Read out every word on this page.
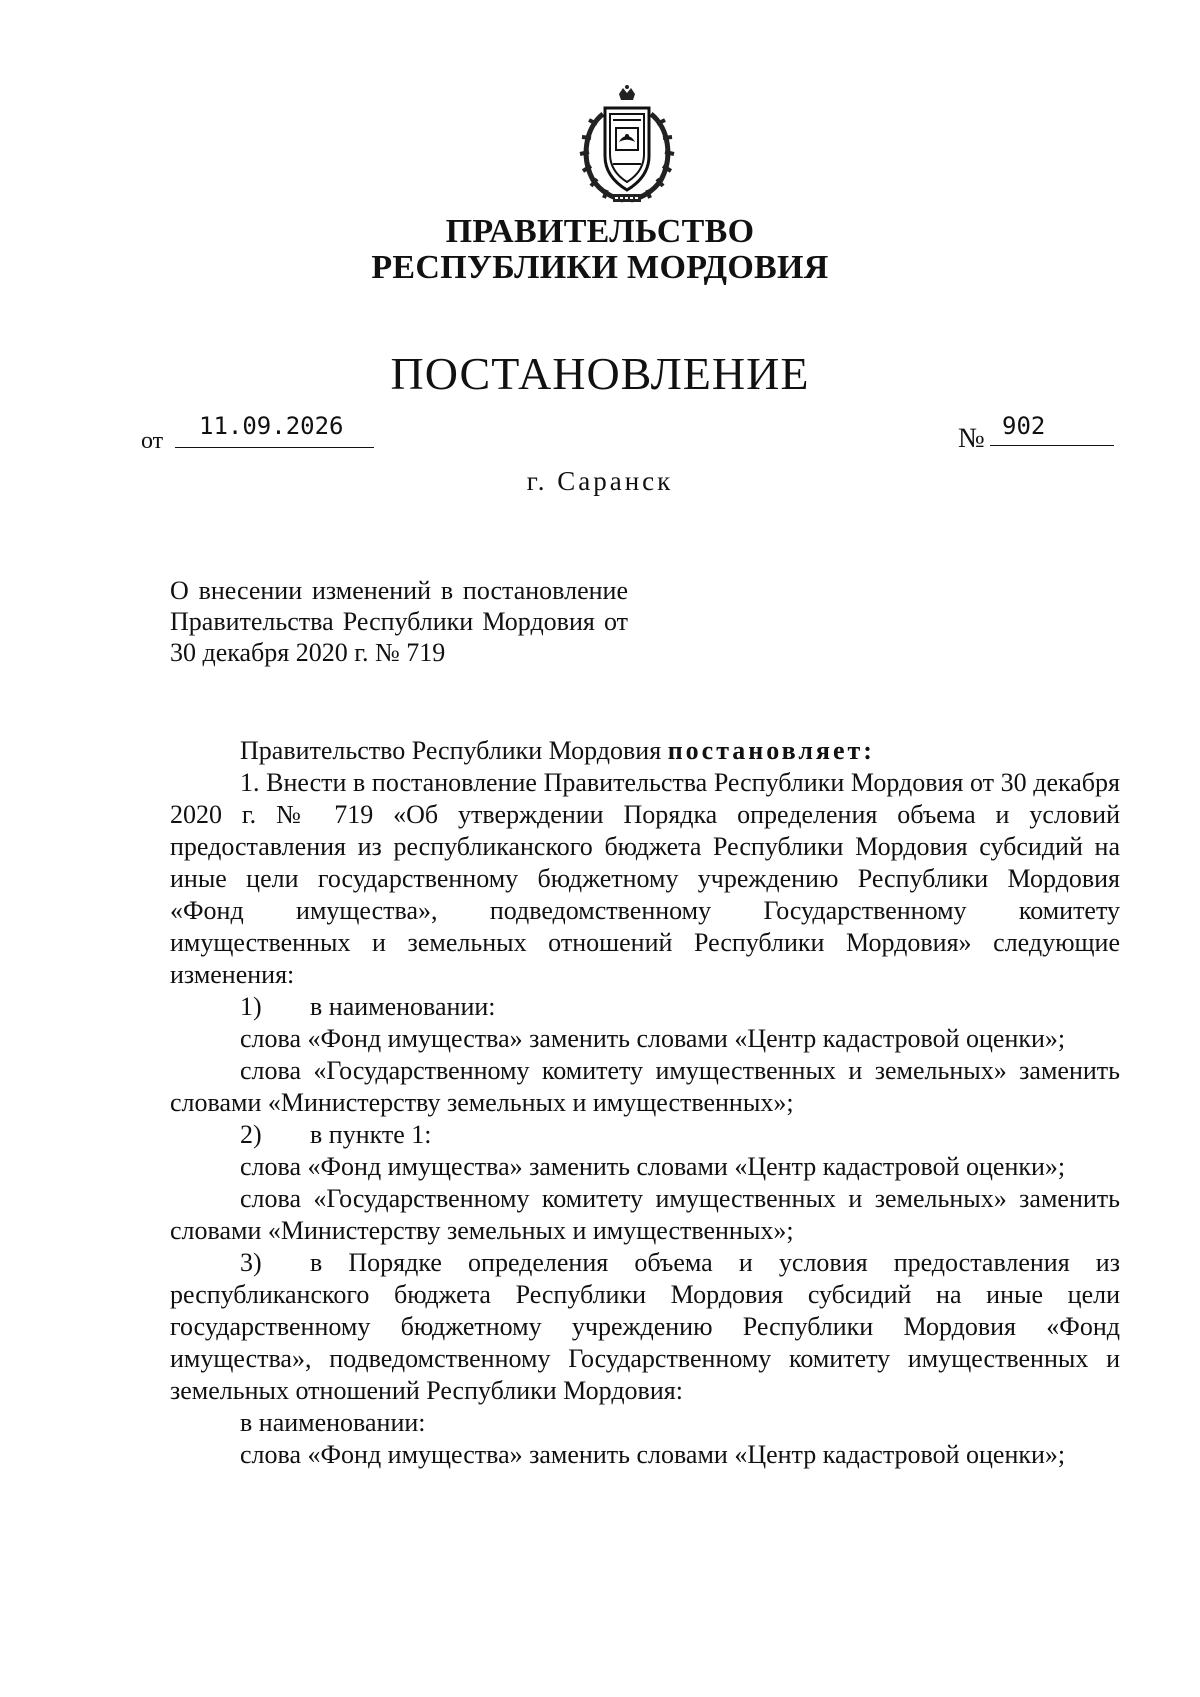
ПРАВИТЕЛЬСТВО
РЕСПУБЛИКИ МОРДОВИЯ
ПОСТАНОВЛЕНИЕ
от
11.09.2026	№ 902
г. Саранск
О внесении изменений в постановление Правительства Республики Мордовия от 30 декабря 2020 г. № 719

Правительство Республики Мордовия постановляет:

1. Внести в постановление Правительства Республики Мордовия от 30 декабря 2020 г. № 719 «Об утверждении Порядка определения объема и условий предоставления из республиканского бюджета Республики Мордовия субсидий на иные цели государственному бюджетному учреждению Республики Мордовия «Фонд имущества», подведомственному Государственному комитету имущественных и земельных отношений Республики Мордовия» следующие изменения:

1) в наименовании:

слова «Фонд имущества» заменить словами «Центр кадастровой оценки»;

слова «Государственному комитету имущественных и земельных» заменить словами «Министерству земельных и имущественных»;

2) в пункте 1:

слова «Фонд имущества» заменить словами «Центр кадастровой оценки»;

слова «Государственному комитету имущественных и земельных» заменить словами «Министерству земельных и имущественных»;

3) в Порядке определения объема и условия предоставления из республиканского бюджета Республики Мордовия субсидий на иные цели государственному бюджетному учреждению Республики Мордовия «Фонд имущества», подведомственному Государственному комитету имущественных и земельных отношений Республики Мордовия:

в наименовании:

слова «Фонд имущества» заменить словами «Центр кадастровой оценки»;
